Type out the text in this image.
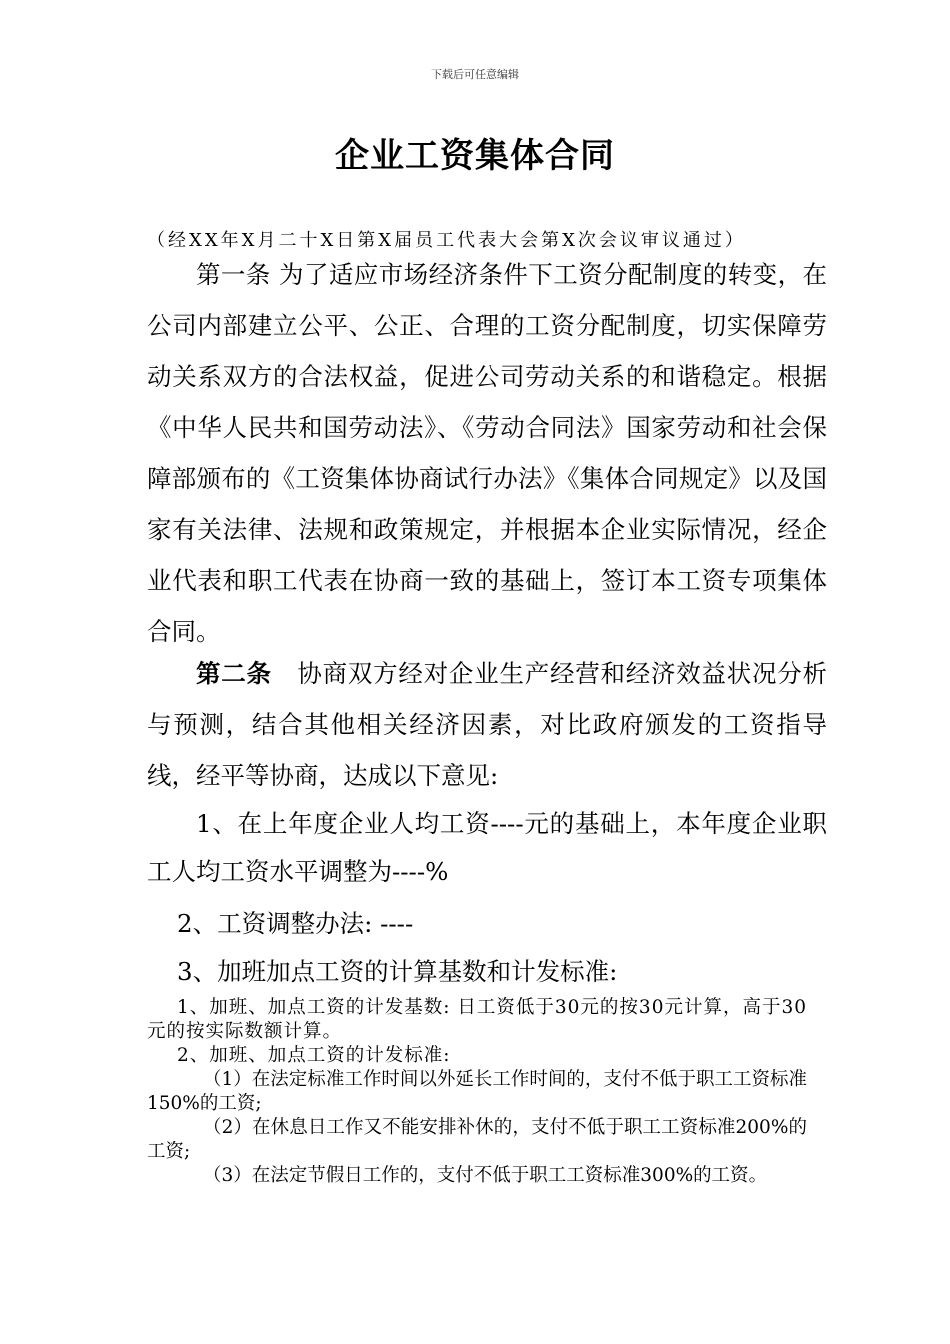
下载后可任意编辑
企业工资集体合同
（经XX年X月二十X日第X届员工代表大会第X次会议审议通过）
第一条 为了适应市场经济条件下工资分配制度的转变，在公司内部建立公平、公正、合理的工资分配制度，切实保障劳动关系双方的合法权益，促进公司劳动关系的和谐稳定。根据《中华人民共和国劳动法》、《劳动合同法》国家劳动和社会保障部颁布的《工资集体协商试行办法》《集体合同规定》以及国家有关法律、法规和政策规定，并根据本企业实际情况，经企业代表和职工代表在协商一致的基础上，签订本工资专项集体合同。
第二条 协商双方经对企业生产经营和经济效益状况分析与预测，结合其他相关经济因素，对比政府颁发的工资指导线，经平等协商，达成以下意见:
1、在上年度企业人均工资----元的基础上，本年度企业职工人均工资水平调整为----%
2、工资调整办法: ----
3、加班加点工资的计算基数和计发标准:
1、加班、加点工资的计发基数: 日工资低于30元的按30元计算，高于30元的按实际数额计算。
2、加班、加点工资的计发标准:
（1）在法定标准工作时间以外延长工作时间的，支付不低于职工工资标准150%的工资;
（2）在休息日工作又不能安排补休的，支付不低于职工工资标准200%的工资;
（3）在法定节假日工作的，支付不低于职工工资标准300%的工资。
